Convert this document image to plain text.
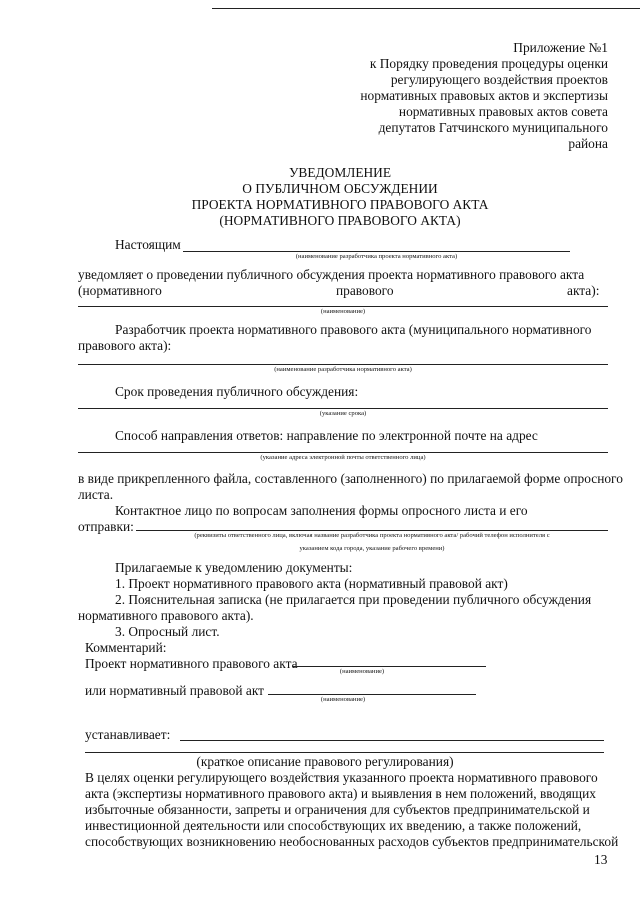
Приложение №1
к Порядку проведения процедуры оценки
регулирующего воздействия проектов
нормативных правовых актов и экспертизы
нормативных правовых актов совета
депутатов Гатчинского муниципального
района
УВЕДОМЛЕНИЕ
О ПУБЛИЧНОМ ОБСУЖДЕНИИ
ПРОЕКТА НОРМАТИВНОГО ПРАВОВОГО АКТА
(НОРМАТИВНОГО ПРАВОВОГО АКТА)
Настоящим
(наименование разработчика проекта нормативного акта)
уведомляет о проведении публичного обсуждения проекта нормативного правового акта
(нормативного	правового	акта):
(наименование)
Разработчик проекта нормативного правового акта (муниципального нормативного
правового акта):
(наименование разработчика нормативного акта)
Срок проведения публичного обсуждения:
(указание срока)
Способ направления ответов: направление по электронной почте на адрес
(указание адреса электронной почты ответственного лица)
в виде прикрепленного файла, составленного (заполненного) по прилагаемой форме опросного
листа.
Контактное лицо по вопросам заполнения формы опросного листа и его
отправки:
(реквизиты ответственного лица, включая название разработчика проекта нормативного акта/ рабочий телефон исполнителя с
указанием кода города, указание рабочего времени)
Прилагаемые к уведомлению документы:
1. Проект нормативного правового акта (нормативный правовой акт)
2. Пояснительная записка (не прилагается при проведении публичного обсуждения
нормативного правового акта).
3. Опросный лист.
Комментарий:
Проект нормативного правового акта
(наименование)
или нормативный правовой акт
(наименование)
устанавливает:
(краткое описание правового регулирования)
В целях оценки регулирующего воздействия указанного проекта нормативного правового
акта (экспертизы нормативного правового акта) и выявления в нем положений, вводящих
избыточные обязанности, запреты и ограничения для субъектов предпринимательской и
инвестиционной деятельности или способствующих их введению, а также положений,
способствующих возникновению необоснованных расходов субъектов предпринимательской
13
